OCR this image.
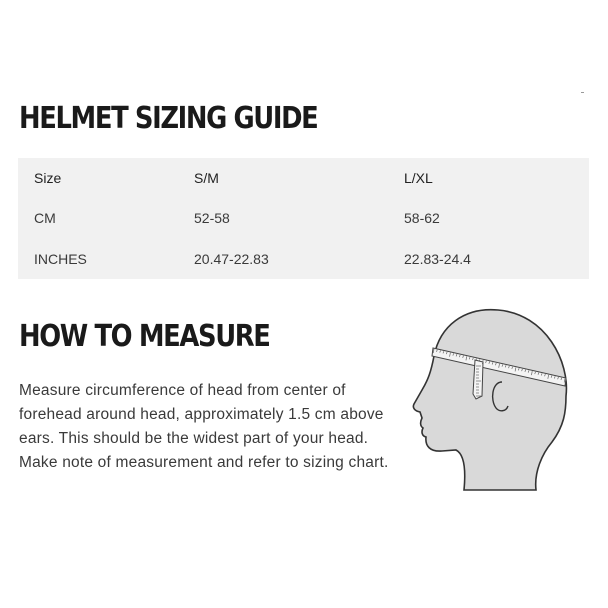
HELMET SIZING GUIDE
Size	S/M	L/XL
CM	52-58	58-62
INCHES	20.47-22.83	22.83-24.4
HOW TO MEASURE

Measure circumference of head from center of forehead around head, approximately 1.5 cm above ears. This should be the widest part of your head. Make note of measurement and refer to sizing chart.
